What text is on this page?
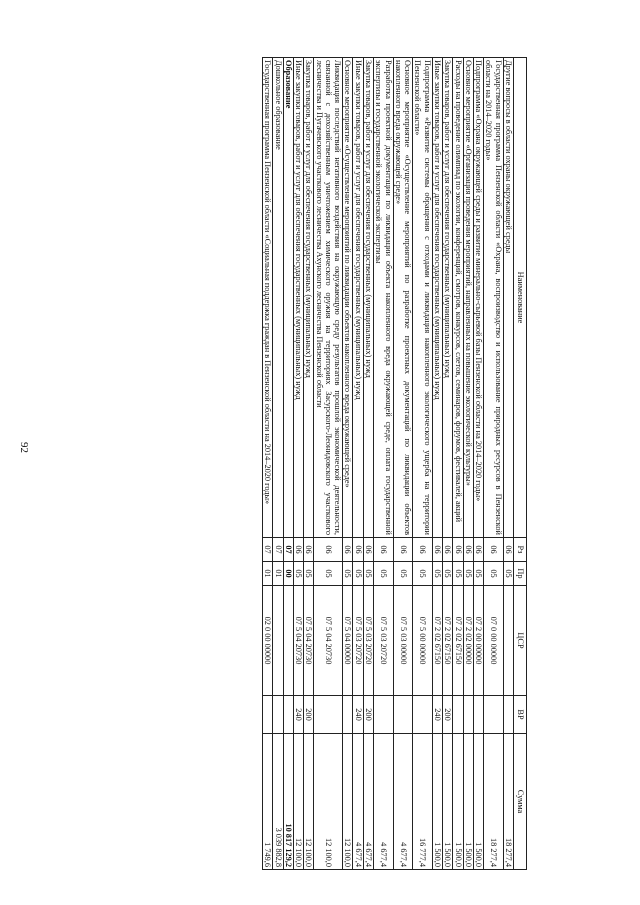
92
Наименование	Рз	Пр	ЦСР	ВР	Сумма
Другие вопросы в области охраны окружающей среды	06	05			18 277,4
Государственная программа Пензенской области «Охрана, воспроизводство и использование природных ресурсов в Пензенской области на 2014–2020 годы»	06	05	07 0 00 00000		18 277,4
Подпрограмма «Охрана окружающей среды и развитие минерально-сырьевой базы Пензенской области на 2014–2020 годы»	06	05	07 2 00 00000		1 500,0
Основное мероприятие «Организация проведения мероприятий, направленных на повышение экологической культуры»	06	05	07 2 02 00000		1 500,0
Расходы на проведение олимпиад по экологии, конференций, смотров, конкурсов, слетов, семинаров, форумов, фестивалей, акций	06	05	07 2 02 67150		1 500,0
Закупка товаров, работ и услуг для обеспечения государственных (муниципальных) нужд	06	05	07 2 02 67150	200	1 500,0
Иные закупки товаров, работ и услуг для обеспечения государственных (муниципальных) нужд	06	05	07 2 02 67150	240	1 500,0
Подпрограмма «Развитие системы обращения с отходами и ликвидация накопленного экологического ущерба на территории Пензенской области»	06	05	07 5 00 00000		16 777,4
Основное мероприятие «Осуществление мероприятий по разработке проектных документаций по ликвидации объектов накопленного вреда окружающей среде»	06	05	07 5 03 00000		4 677,4
Разработка проектной документации по ликвидации объекта накопленного вреда окружающей среде, оплата государственной экспертизы и государственной экологической экспертизы	06	05	07 5 03 20720		4 677,4
Закупка товаров, работ и услуг для обеспечения государственных (муниципальных) нужд	06	05	07 5 03 20720	200	4 677,4
Иные закупки товаров, работ и услуг для обеспечения государственных (муниципальных) нужд	06	05	07 5 03 20720	240	4 677,4
Основное мероприятие «Осуществление мероприятий по ликвидации объектов накопленного вреда окружающей среде»	06	05	07 5 04 00000		12 100,0
Ликвидация последствий негативного воздействия на окружающую среду результатов прошлой экономической деятельности, связанной с дохозяйственным уничтожением химического оружия на территориях Засурского-Леонидовского участкового лесничества и Пугачевского участкового лесничества Ахунского лесничества Пензенской области	06	05	07 5 04 20730		12 100,0
Закупка товаров, работ и услуг для обеспечения государственных (муниципальных) нужд	06	05	07 5 04 20730	200	12 100,0
Иные закупки товаров, работ и услуг для обеспечения государственных (муниципальных) нужд	06	05	07 5 04 20730	240	12 100,0
Образование	07	00			10 817 129,2
Дошкольное образование	07	01			3 039 882,8
Государственная программа Пензенской области «Социальная поддержка граждан в Пензенской области на 2014–2020 годы»	07	01	02 0 00 00000		1 749,6
